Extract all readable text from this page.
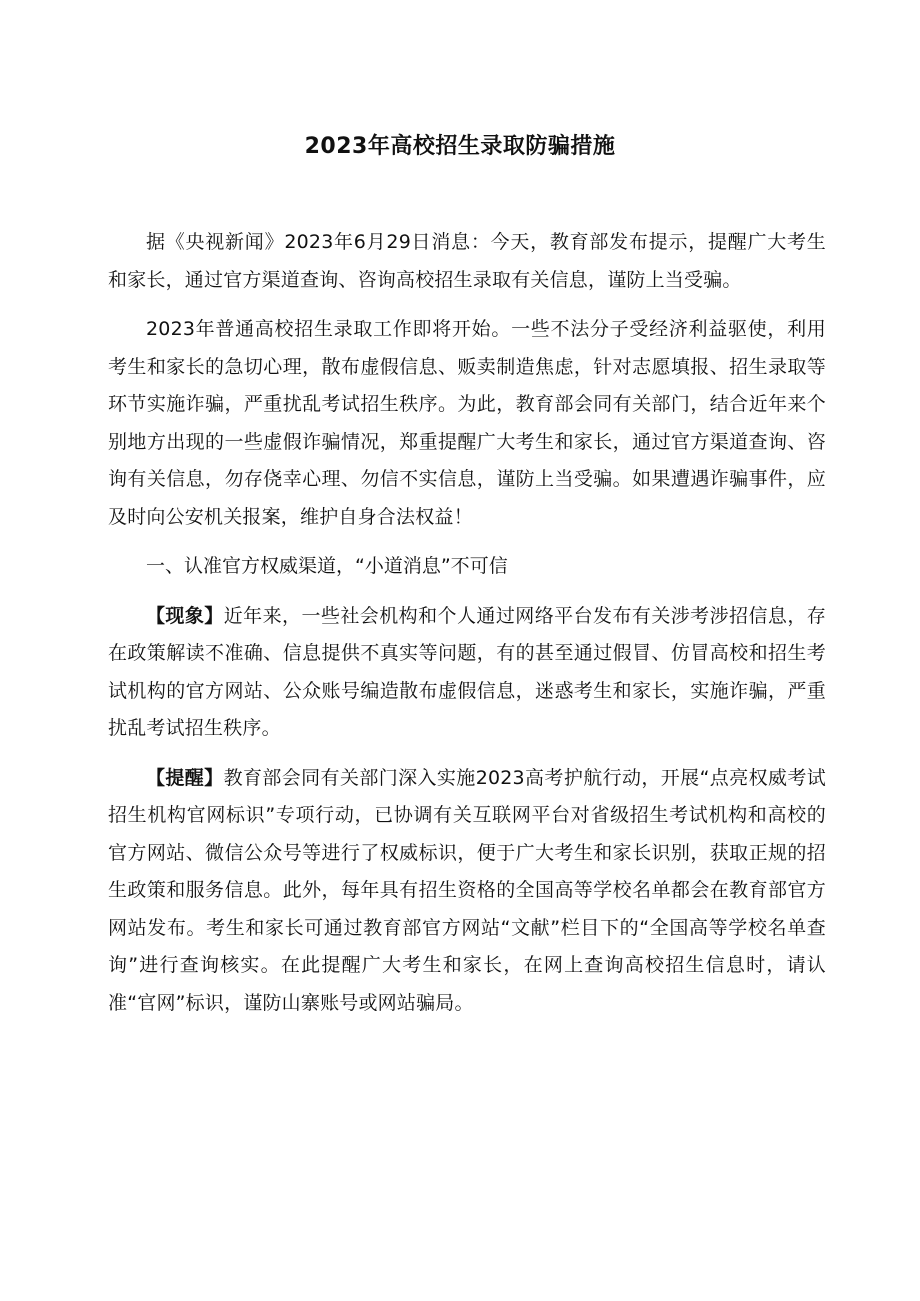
2023年高校招生录取防骗措施

据《央视新闻》2023年6月29日消息：今天，教育部发布提示，提醒广大考生和家长，通过官方渠道查询、咨询高校招生录取有关信息，谨防上当受骗。

2023年普通高校招生录取工作即将开始。一些不法分子受经济利益驱使，利用考生和家长的急切心理，散布虚假信息、贩卖制造焦虑，针对志愿填报、招生录取等环节实施诈骗，严重扰乱考试招生秩序。为此，教育部会同有关部门，结合近年来个别地方出现的一些虚假诈骗情况，郑重提醒广大考生和家长，通过官方渠道查询、咨询有关信息，勿存侥幸心理、勿信不实信息，谨防上当受骗。如果遭遇诈骗事件，应及时向公安机关报案，维护自身合法权益！

一、认准官方权威渠道，“小道消息”不可信

【现象】近年来，一些社会机构和个人通过网络平台发布有关涉考涉招信息，存在政策解读不准确、信息提供不真实等问题，有的甚至通过假冒、仿冒高校和招生考试机构的官方网站、公众账号编造散布虚假信息，迷惑考生和家长，实施诈骗，严重扰乱考试招生秩序。

【提醒】教育部会同有关部门深入实施2023高考护航行动，开展“点亮权威考试招生机构官网标识”专项行动，已协调有关互联网平台对省级招生考试机构和高校的官方网站、微信公众号等进行了权威标识，便于广大考生和家长识别，获取正规的招生政策和服务信息。此外，每年具有招生资格的全国高等学校名单都会在教育部官方网站发布。考生和家长可通过教育部官方网站“文献”栏目下的“全国高等学校名单查询”进行查询核实。在此提醒广大考生和家长，在网上查询高校招生信息时，请认准“官网”标识，谨防山寨账号或网站骗局。
